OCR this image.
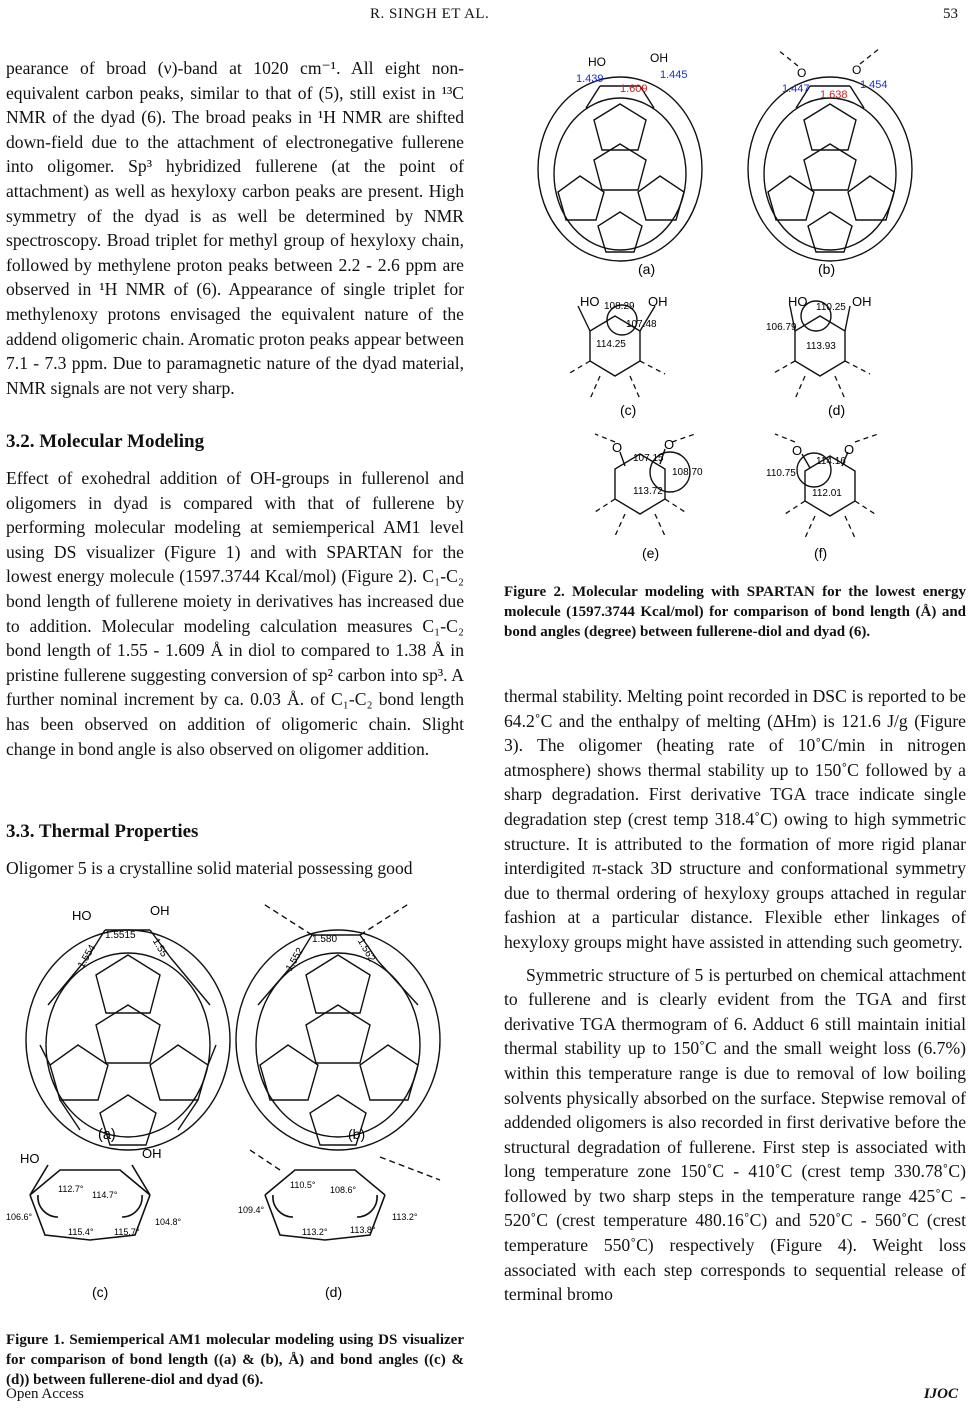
R. SINGH ET AL.	53

pearance of broad (ν)-band at 1020 cm⁻¹. All eight non-equivalent carbon peaks, similar to that of (5), still exist in ¹³C NMR of the dyad (6). The broad peaks in ¹H NMR are shifted down-field due to the attachment of electronegative fullerene into oligomer. Sp³ hybridized fullerene (at the point of attachment) as well as hexyloxy carbon peaks are present. High symmetry of the dyad is as well be determined by NMR spectroscopy. Broad triplet for methyl group of hexyloxy chain, followed by methylene proton peaks between 2.2 - 2.6 ppm are observed in ¹H NMR of (6). Appearance of single triplet for methylenoxy protons envisaged the equivalent nature of the addend oligomeric chain. Aromatic proton peaks appear between 7.1 - 7.3 ppm. Due to paramagnetic nature of the dyad material, NMR signals are not very sharp.

3.2. Molecular Modeling

Effect of exohedral addition of OH-groups in fullerenol and oligomers in dyad is compared with that of fullerene by performing molecular modeling at semiemperical AM1 level using DS visualizer (Figure 1) and with SPARTAN for the lowest energy molecule (1597.3744 Kcal/mol) (Figure 2). C₁-C₂ bond length of fullerene moiety in derivatives has increased due to addition. Molecular modeling calculation measures C₁-C₂ bond length of 1.55 - 1.609 Å in diol to compared to 1.38 Å in pristine fullerene suggesting conversion of sp² carbon into sp³. A further nominal increment by ca. 0.03 Å. of C₁-C₂ bond length has been observed on addition of oligomeric chain. Slight change in bond angle is also observed on oligomer addition.

3.3. Thermal Properties

Oligomer 5 is a crystalline solid material possessing good

HO	OH
1.554
1.5515
1.55
(a)
1.552
1.580 1.562
(b)
HO	OH
112.7°
114.7°
106.6°	104.8°
115.4° 115.7°
(c)
110.5° 108.6°
109.4°
113.2°
113.2°	113.8°
(d)
Figure 1. Semiemperical AM1 molecular modeling using DS visualizer for comparison of bond length ((a) & (b), Å) and bond angles ((c) & (d)) between fullerene-diol and dyad (6).
HO	OH
1.439
1.609
1.445
(a)
O	O
1.447 1.638
1.454
(b)
HO	OH
108.29
107.48
114.25
(c)
HO	OH
110.25
106.79
113.93
(d)
O	O
107.15
108.70
113.72
(e)
O	O
114.16
110.75
112.01
(f)
Figure 2. Molecular modeling with SPARTAN for the lowest energy molecule (1597.3744 Kcal/mol) for comparison of bond length (Å) and bond angles (degree) between fullerene-diol and dyad (6).

thermal stability. Melting point recorded in DSC is reported to be 64.2˚C and the enthalpy of melting (ΔHm) is 121.6 J/g (Figure 3). The oligomer (heating rate of 10˚C/min in nitrogen atmosphere) shows thermal stability up to 150˚C followed by a sharp degradation. First derivative TGA trace indicate single degradation step (crest temp 318.4˚C) owing to high symmetric structure. It is attributed to the formation of more rigid planar interdigited π-stack 3D structure and conformational symmetry due to thermal ordering of hexyloxy groups attached in regular fashion at a particular distance. Flexible ether linkages of hexyloxy groups might have assisted in attending such geometry.

Symmetric structure of 5 is perturbed on chemical attachment to fullerene and is clearly evident from the TGA and first derivative TGA thermogram of 6. Adduct 6 still maintain initial thermal stability up to 150˚C and the small weight loss (6.7%) within this temperature range is due to removal of low boiling solvents physically absorbed on the surface. Stepwise removal of addended oligomers is also recorded in first derivative before the structural degradation of fullerene. First step is associated with long temperature zone 150˚C - 410˚C (crest temp 330.78˚C) followed by two sharp steps in the temperature range 425˚C - 520˚C (crest temperature 480.16˚C) and 520˚C - 560˚C (crest temperature 550˚C) respectively (Figure 4). Weight loss associated with each step corresponds to sequential release of terminal bromo

Open Access	IJOC
